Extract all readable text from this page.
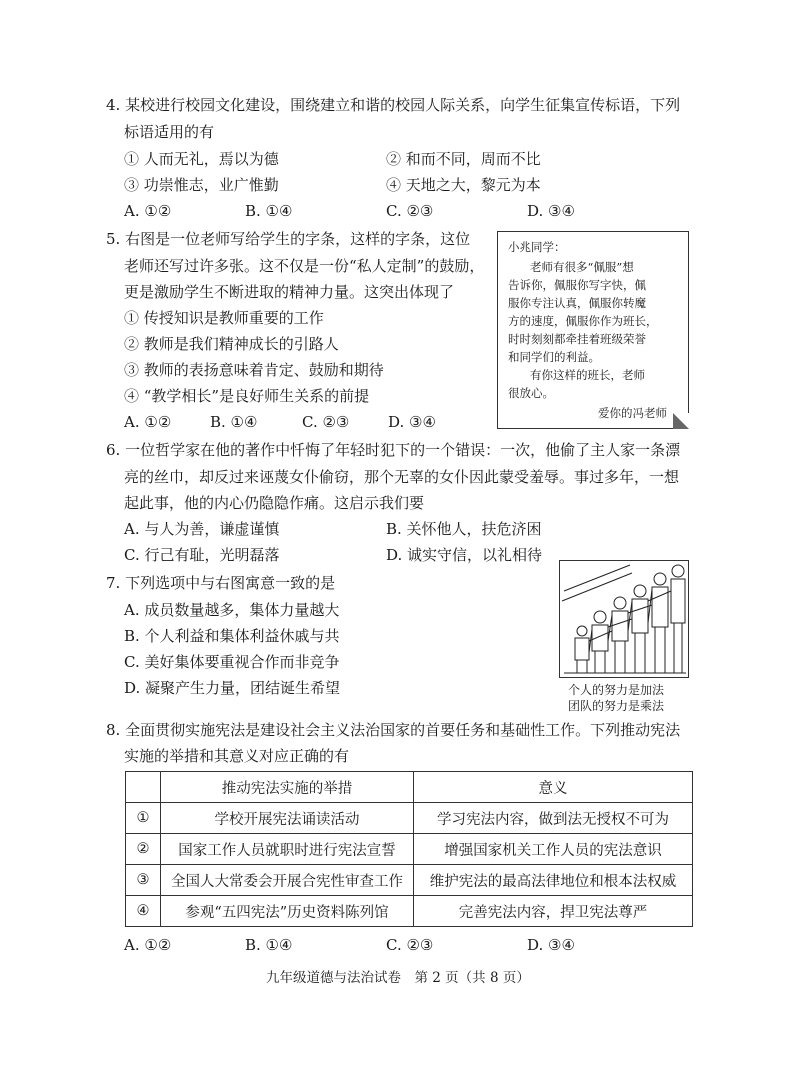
4. 某校进行校园文化建设，围绕建立和谐的校园人际关系，向学生征集宣传标语，下列
标语适用的有
① 人而无礼，焉以为德	② 和而不同，周而不比
③ 功崇惟志，业广惟勤	④ 天地之大，黎元为本
A. ①②	B. ①④	C. ②③	D. ③④
5. 右图是一位老师写给学生的字条，这样的字条，这位
老师还写过许多张。这不仅是一份“私人定制”的鼓励，
更是激励学生不断进取的精神力量。这突出体现了
① 传授知识是教师重要的工作
② 教师是我们精神成长的引路人
③ 教师的表扬意味着肯定、鼓励和期待
④ “教学相长”是良好师生关系的前提
A. ①②	B. ①④	C. ②③	D. ③④
小兆同学：
老师有很多“佩服”想
告诉你，佩服你写字快，佩
服你专注认真，佩服你转魔
方的速度，佩服你作为班长，
时时刻刻都牵挂着班级荣誉
和同学们的利益。
有你这样的班长，老师
很放心。
爱你的冯老师
6. 一位哲学家在他的著作中忏悔了年轻时犯下的一个错误：一次，他偷了主人家一条漂
亮的丝巾，却反过来诬蔑女仆偷窃，那个无辜的女仆因此蒙受羞辱。事过多年，一想
起此事，他的内心仍隐隐作痛。这启示我们要
A. 与人为善，谦虚谨慎	B. 关怀他人，扶危济困
C. 行己有耻，光明磊落	D. 诚实守信，以礼相待
7. 下列选项中与右图寓意一致的是
A. 成员数量越多，集体力量越大
B. 个人利益和集体利益休戚与共
C. 美好集体要重视合作而非竞争
D. 凝聚产生力量，团结诞生希望	个人的努力是加法
团队的努力是乘法
8. 全面贯彻实施宪法是建设社会主义法治国家的首要任务和基础性工作。下列推动宪法
实施的举措和其意义对应正确的有
	推动宪法实施的举措	意义
①	学校开展宪法诵读活动	学习宪法内容，做到法无授权不可为
②	国家工作人员就职时进行宪法宣誓	增强国家机关工作人员的宪法意识
③	全国人大常委会开展合宪性审查工作	维护宪法的最高法律地位和根本法权威
④	参观“五四宪法”历史资料陈列馆	完善宪法内容，捍卫宪法尊严
A. ①②	B. ①④	C. ②③	D. ③④
九年级道德与法治试卷　第 2 页（共 8 页）
